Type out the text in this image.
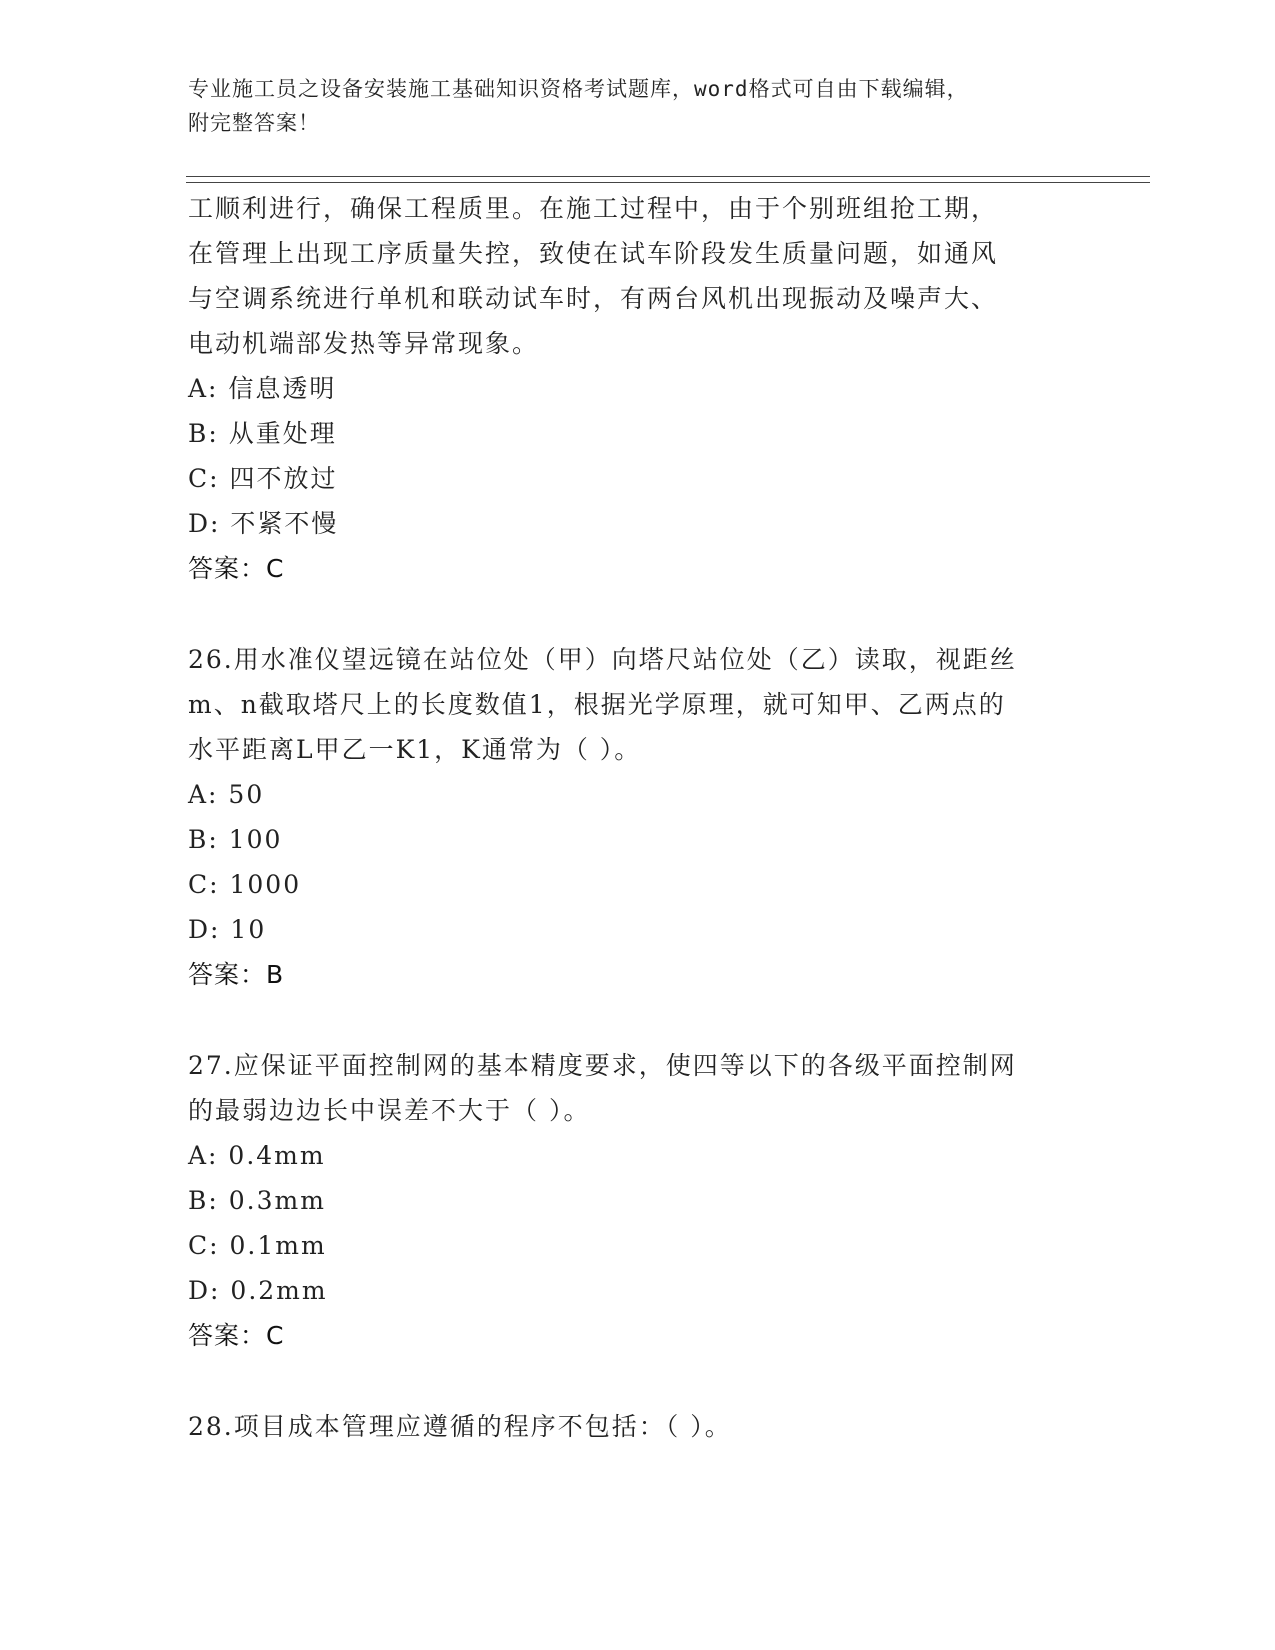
专业施工员之设备安装施工基础知识资格考试题库，word格式可自由下载编辑，
附完整答案！

工顺利进行，确保工程质里。在施工过程中，由于个别班组抢工期，

在管理上出现工序质量失控，致使在试车阶段发生质量问题，如通风

与空调系统进行单机和联动试车时，有两台风机出现振动及噪声大、

电动机端部发热等异常现象。

A: 信息透明

B: 从重处理

C: 四不放过

D: 不紧不慢

答案：C

26.用水准仪望远镜在站位处（甲）向塔尺站位处（乙）读取，视距丝

m、n截取塔尺上的长度数值1，根据光学原理，就可知甲、乙两点的

水平距离L甲乙一K1，K通常为（ ）。

A: 50

B: 100

C: 1000

D: 10

答案：B

27.应保证平面控制网的基本精度要求，使四等以下的各级平面控制网

的最弱边边长中误差不大于（ ）。

A: 0.4mm

B: 0.3mm

C: 0.1mm

D: 0.2mm

答案：C

28.项目成本管理应遵循的程序不包括：（ ）。
